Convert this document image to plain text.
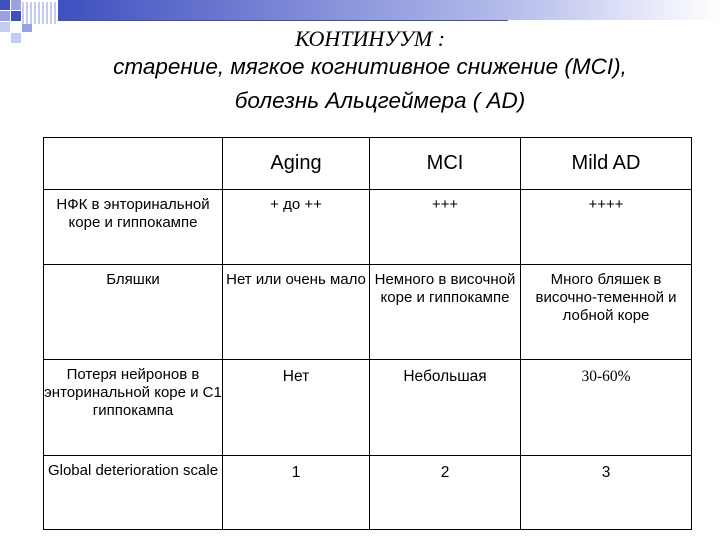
КОНТИНУУМ :
старение, мягкое когнитивное снижение (MCI),
болезнь Альцгеймера ( AD)
	Aging	MCI	Mild AD
НФК в энторинальной коре и гиппокампе	+ до ++	+++	++++
Бляшки	Нет или очень мало	Немного в височной коре и гиппокампе	Много бляшек в височно-теменной и лобной коре
Потеря нейронов в энторинальной коре и С1 гиппокампа	Нет	Небольшая	30-60%
Global deterioration scale	1	2	3
